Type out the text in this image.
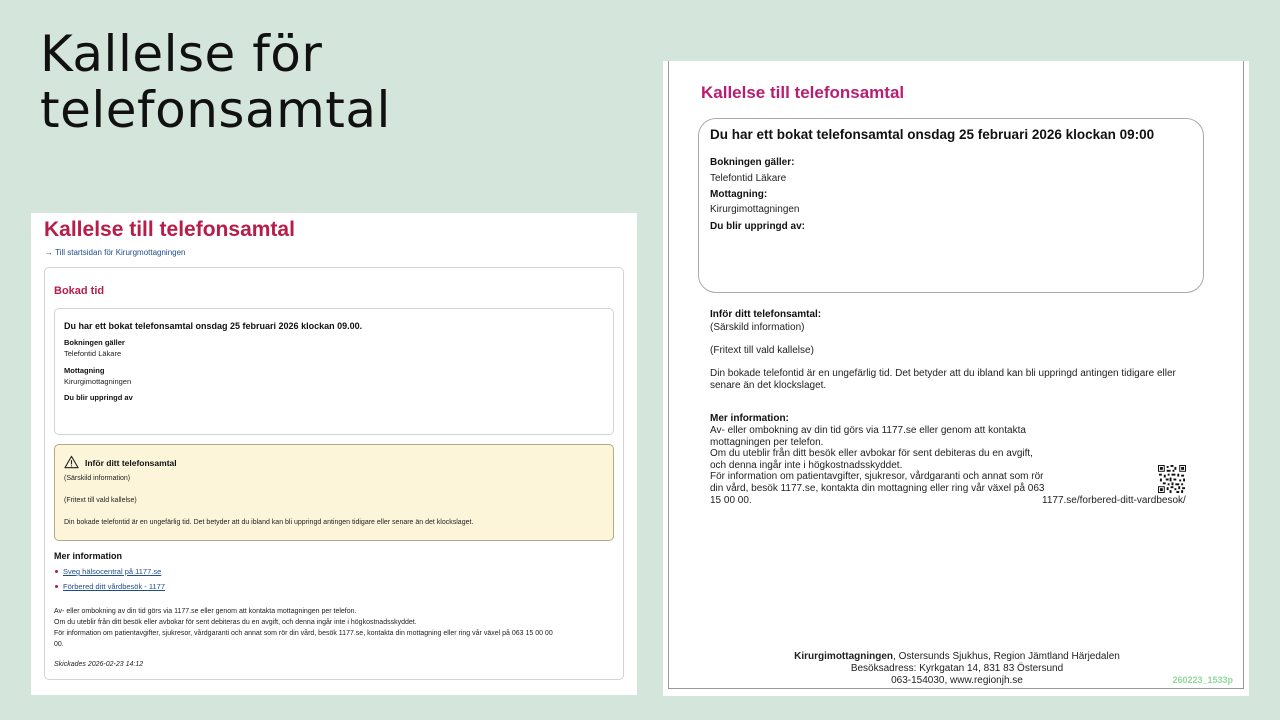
Kallelse för
telefonsamtal
Kallelse till telefonsamtal
→ Till startsidan för Kirurgmottagningen
Bokad tid
Du har ett bokat telefonsamtal onsdag 25 februari 2026 klockan 09.00.
Bokningen gäller
Telefontid Läkare
Mottagning
Kirurgimottagningen
Du blir uppringd av
Inför ditt telefonsamtal
(Särskild information)
(Fritext till vald kallelse)
Din bokade telefontid är en ungefärlig tid. Det betyder att du ibland kan bli uppringd antingen tidigare eller senare än det klockslaget.
Mer information
Sveg hälsocentral på 1177.se
Förbered ditt vårdbesök - 1177
Av- eller ombokning av din tid görs via 1177.se eller genom att kontakta mottagningen per telefon.
Om du uteblir från ditt besök eller avbokar för sent debiteras du en avgift, och denna ingår inte i högkostnadsskyddet.
För information om patientavgifter, sjukresor, vårdgaranti och annat som rör din vård, besök 1177.se, kontakta din mottagning eller ring vår växel på 063 15 00 00
00.
Skickades 2026-02-23 14:12
Kallelse till telefonsamtal
Du har ett bokat telefonsamtal onsdag 25 februari 2026 klockan 09:00
Bokningen gäller:
Telefontid Läkare
Mottagning:
Kirurgimottagningen
Du blir uppringd av:
Inför ditt telefonsamtal:
(Särskild information)
(Fritext till vald kallelse)
Din bokade telefontid är en ungefärlig tid. Det betyder att du ibland kan bli uppringd antingen tidigare eller senare än det klockslaget.
Mer information:
Av- eller ombokning av din tid görs via 1177.se eller genom att kontakta mottagningen per telefon.
Om du uteblir från ditt besök eller avbokar för sent debiteras du en avgift, och denna ingår inte i högkostnadsskyddet.
För information om patientavgifter, sjukresor, vårdgaranti och annat som rör din vård, besök 1177.se, kontakta din mottagning eller ring vår växel på 063 15 00 00.	1177.se/forbered-ditt-vardbesok/
Kirurgimottagningen, Ostersunds Sjukhus, Region Jämtland Härjedalen
Besöksadress: Kyrkgatan 14, 831 83 Östersund
063-154030, www.regionjh.se	260223_1533p
